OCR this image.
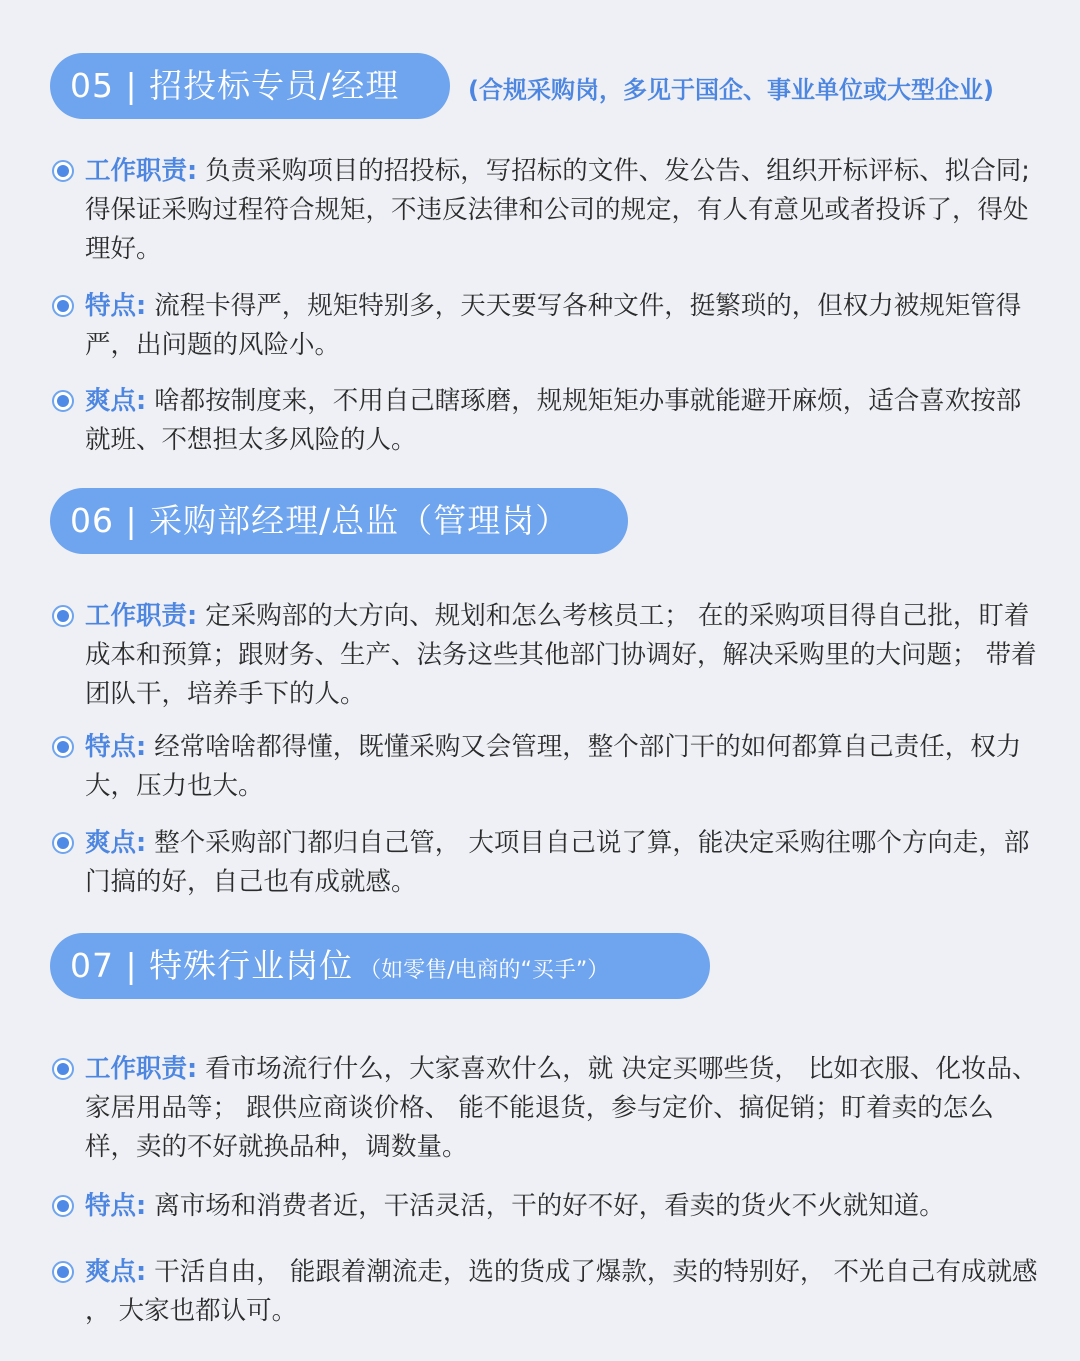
05 | 招投标专员/经理	(合规采购岗，多见于国企、事业单位或大型企业)
工作职责: 负责采购项目的招投标，写招标的文件、发公告、组织开标评标、拟合同;得保证采购过程符合规矩，不违反法律和公司的规定，有人有意见或者投诉了，得处理好。
特点: 流程卡得严，规矩特别多，天天要写各种文件，挺繁琐的，但权力被规矩管得严，出问题的风险小。
爽点: 啥都按制度来，不用自己瞎琢磨，规规矩矩办事就能避开麻烦，适合喜欢按部就班、不想担太多风险的人。
06 | 采购部经理/总监（管理岗）
工作职责: 定采购部的大方向、规划和怎么考核员工； 在的采购项目得自己批，盯着成本和预算；跟财务、生产、法务这些其他部门协调好，解决采购里的大问题； 带着团队干，培养手下的人。
特点: 经常啥啥都得懂，既懂采购又会管理，整个部门干的如何都算自己责任，权力大，压力也大。
爽点: 整个采购部门都归自己管， 大项目自己说了算，能决定采购往哪个方向走，部门搞的好，自己也有成就感。
07 | 特殊行业岗位 （如零售/电商的“买手”）
工作职责: 看市场流行什么，大家喜欢什么，就 决定买哪些货， 比如衣服、化妆品、家居用品等； 跟供应商谈价格、 能不能退货，参与定价、搞促销；盯着卖的怎么样，卖的不好就换品种，调数量。
特点: 离市场和消费者近，干活灵活，干的好不好，看卖的货火不火就知道。
爽点: 干活自由， 能跟着潮流走，选的货成了爆款，卖的特别好， 不光自己有成就感 ， 大家也都认可。
